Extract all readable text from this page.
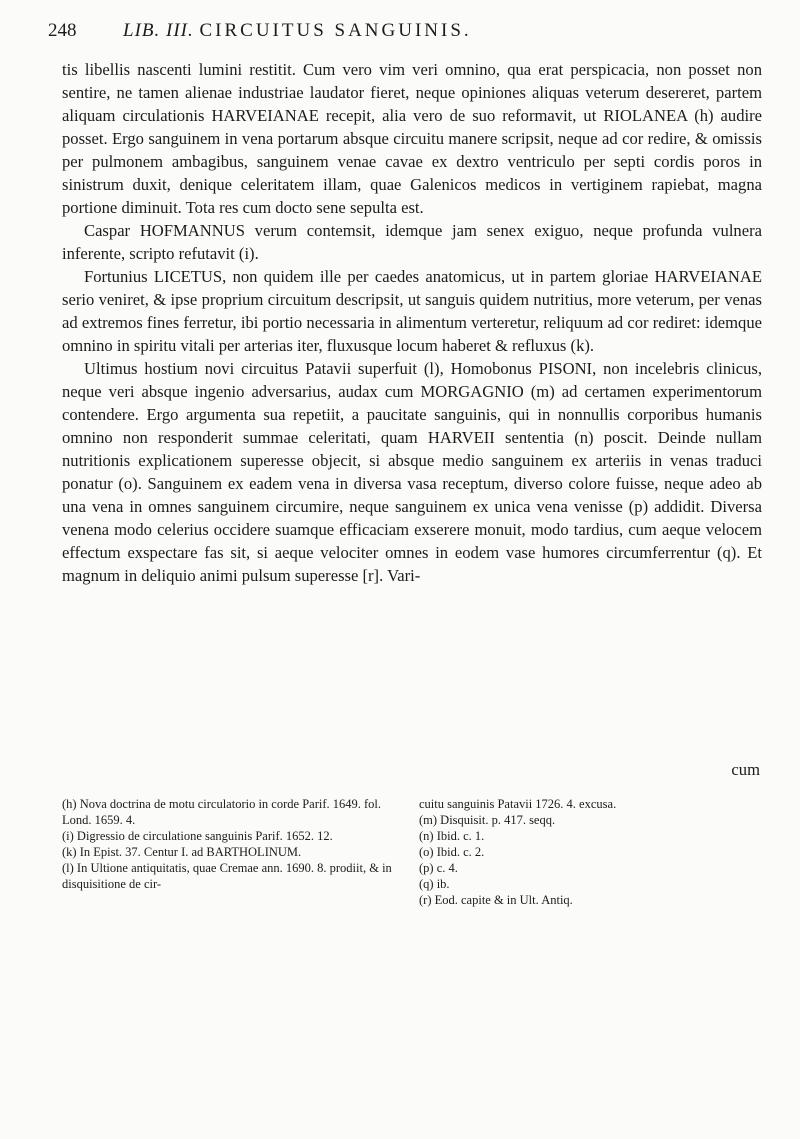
248 LIB. III. CIRCUITUS SANGUINIS.

tis libellis nascenti lumini restitit. Cum vero vim veri omnino, qua erat perspicacia, non posset non sentire, ne tamen alienae industriae laudator fieret, neque opiniones aliquas veterum desereret, partem aliquam circulationis HARVEIANAE recepit, alia vero de suo reformavit, ut RIOLANEA (h) audire posset. Ergo sanguinem in vena portarum absque circuitu manere scripsit, neque ad cor redire, & omissis per pulmonem ambagibus, sanguinem venae cavae ex dextro ventriculo per septi cordis poros in sinistrum duxit, denique celeritatem illam, quae Galenicos medicos in vertiginem rapiebat, magna portione diminuit. Tota res cum docto sene sepulta est.

Caspar HOFMANNUS verum contemsit, idemque jam senex exiguo, neque profunda vulnera inferente, scripto refutavit (i).

Fortunius LICETUS, non quidem ille per caedes anatomicus, ut in partem gloriae HARVEIANAE serio veniret, & ipse proprium circuitum descripsit, ut sanguis quidem nutritius, more veterum, per venas ad extremos fines ferretur, ibi portio necessaria in alimentum verteretur, reliquum ad cor rediret: idemque omnino in spiritu vitali per arterias iter, fluxusque locum haberet & refluxus (k).

Ultimus hostium novi circuitus Patavii superfuit (l), Homobonus PISONI, non incelebris clinicus, neque veri absque ingenio adversarius, audax cum MORGAGNIO (m) ad certamen experimentorum contendere. Ergo argumenta sua repetiit, a paucitate sanguinis, qui in nonnullis corporibus humanis omnino non responderit summae celeritati, quam HARVEII sententia (n) poscit. Deinde nullam nutritionis explicationem superesse objecit, si absque medio sanguinem ex arteriis in venas traduci ponatur (o). Sanguinem ex eadem vena in diversa vasa receptum, diverso colore fuisse, neque adeo ab una vena in omnes sanguinem circumire, neque sanguinem ex unica vena venisse (p) addidit. Diversa venena modo celerius occidere suamque efficaciam exserere monuit, modo tardius, cum aeque velocem effectum exspectare fas sit, si aeque velociter omnes in eodem vase humores circumferrentur (q). Et magnum in deliquio animi pulsum superesse [r]. Vari-

cum
(h) Nova doctrina de motu circulatorio in corde Parif. 1649. fol. Lond. 1659. 4.
(i) Digressio de circulatione sanguinis Parif. 1652. 12.
(k) In Epist. 37. Centur I. ad BARTHOLINUM.
(l) In Ultione antiquitatis, quae Cremae ann. 1690. 8. prodiit, & in disquisitione de cir-
cuitu sanguinis Patavii 1726. 4. excusa.
(m) Disquisit. p. 417. seqq.
(n) Ibid. c. 1.
(o) Ibid. c. 2.
(p) c. 4.
(q) ib.
(r) Eod. capite & in Ult. Antiq.
